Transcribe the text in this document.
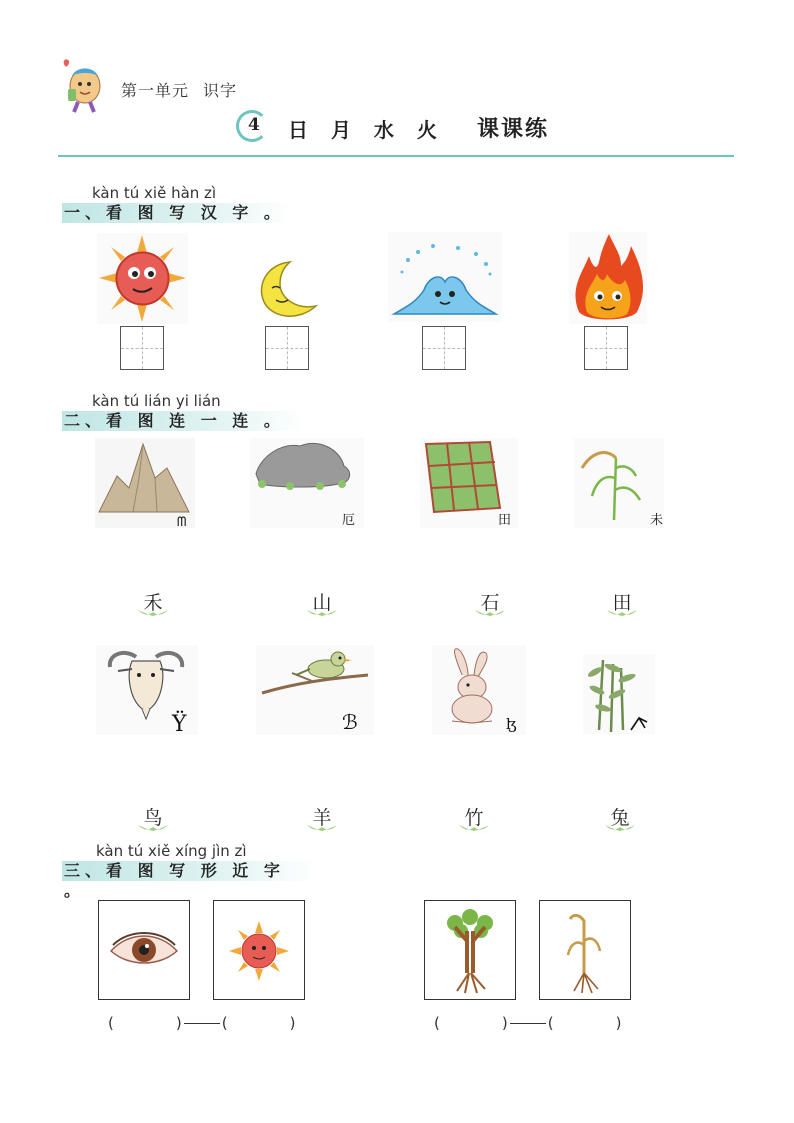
第一单元 识字
4 日 月 水 火 课课练
kàn tú xiě hàn zì
一、看 图 写 汉 字 。
kàn tú lián yi lián
二、看 图 连 一 连 。
ᗰ	厄	田	未
禾	山	石	田
Ϋ	ℬ	ɮ
鸟	羊	竹	兔
kàn tú xiě xíng jìn zì
三、看 图 写 形 近 字 。
(	)	(	)	(	)	(	)
